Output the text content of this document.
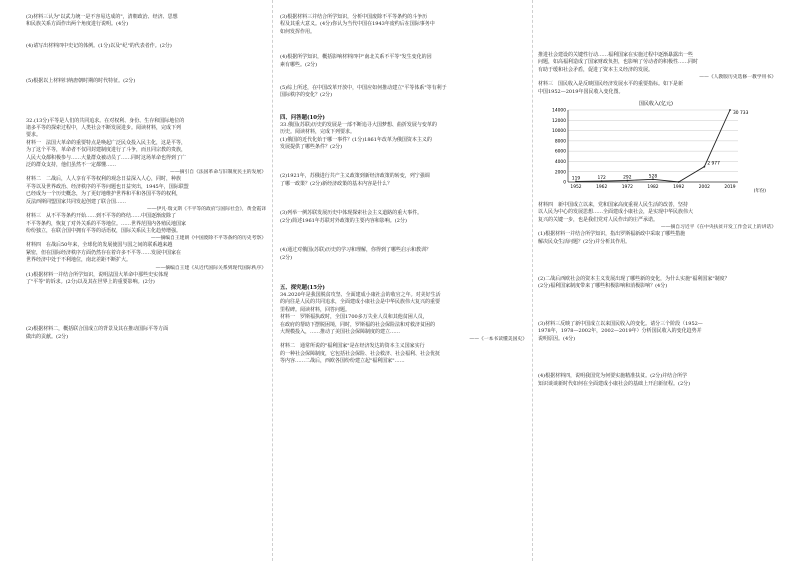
(3)材料三认为"以武力统一是不容易达成的"，清朝政治、经济、思想
和民族关系方面作出两个角度进行说明。(4分)

(4)请写出材料四中史记的体例。(1分)以及"纪"的代表者作。(2分)

(5)根据以上材料归纳唐朝时期的时代特征。(2分)

32.(13分)平等是人们的共同追求。在对权利、身份、生存和国际地位的
诸多平等的探索过程中，人类社会不断发展进步。阅读材料，完成下列
要求。

材料一　法国大革命的重要特点是唤起广泛民众投入民主化，这是平等，
为了这个平等，革命者不仅同封建制度进行了斗争，而且同宗教的贵族，
人民大众都积极参与……大量群众被动员了……同时这场革命也得到了广
泛的群众支持，他们虽然不一定都懂……

——摘引自《法国革命与旧制度民主的发展》

材料二　二战后，人人享有平等权利的观念日益深入人心，同时，种族
平等以及世界政治、经济秩序的平等问题也日益突出，1945年，国际联盟
已经成为一个历史概念，为了更好地维护世界和平和各国平等的权利，
反法西斯同盟国家共同发起创建了联合国……

——伊凡·瑞文斯《不平等的政府与国际社会》，黄金霞译

材料三　从不平等条约开始……到不平等的终结……中国逐渐废除了
不平等条约，恢复了对外关系的平等地位。……世界范围内各殖民地国家
纷纷独立，在联合国中拥有平等的话语权，国际关系民主化趋势增强。

——摘编自王建朗《中国废除不平等条约的历史考察》

材料四　在战后50年来，全球化的发展使国与国之间的联系越来越
紧密，但在国际经济秩序方面仍然存在着许多不平等……发展中国家在
世界经济中处于不利地位，南北差距不断扩大。

——摘编自王建《从近代国际关系到现代国际秩序》

(1)根据材料一并结合所学知识，说明法国大革命中那些史实体现
了"平等"的诉求。(2分)以及其在世界上的重要影响。(2分)

(2)根据材料二，概括联合国成立的背景及其在推动国际平等方面
做出的贡献。(2分)

(3)根据材料三并结合所学知识，分析中国废除不平等条约的斗争历
程及其重大意义。(4分)你认为当代中国在1943年废约后在国际事务中
如何发挥作用。

(4)根据所学知识，概括影响材料四中"南北关系不平等"发生变化的因
素有哪些。(2分)

(5)综上所述，在中国改革开放中，中国应如何推动建立"平等体系"等有利于
国际秩序的变化？(2分)

四、问答题(10分)

33.俄国(苏联)历史的发展是一部不断追寻大国梦想、曲折发展与变革的
历史。阅读材料，完成下列要求。

(1)俄国的近代化始于哪一事件？(1分)1861年改革为俄国资本主义的
发展提供了哪些条件？(2分)

(2)1921年，苏俄进行共产主义政策到新经济政策的转变，列宁强调
了哪一政策？(2分)新经济政策的基本内容是什么？

(3)列举一例苏联发展历史中体现探索社会主义道路的重大事件。
(2分)简述1961年苏联对外政策的主要内容和影响。(2分)

(4)通过对俄国(苏联)历史的学习和理解，你得到了哪些启示和教训？
(2分)

五、探究题(15分)

34.2020年是我国脱贫攻坚、全面建成小康社会的收官之年。对美好生活
的向往是人民的共同追求，全面建成小康社会是中华民族伟大复兴的重要
里程碑。阅读材料，回答问题。

材料一　罗斯福执政时，全国1700多万失业人员和其他贫困人员，
在政府的帮助下摆脱困境，同时，罗斯福的社会保险法和对救济贫困的
大规模投入，……推动了美国社会保障制度的建立……

——《一本书读懂美国史》

材料二　通常所说的"福利国家"是在经济发达的资本主义国家实行
的一种社会保障制度，它包括社会保险、社会救济、社会福利、社会优抚
等内容……二战后，西欧各国纷纷建立起"福利国家"……

推进社会建设的关键性行动……福利国家在实施过程中逐渐暴露出一些
问题，如高福利造成了国家财政负担，也影响了劳动者的积极性……同时
有助于缓和社会矛盾，促进了资本主义经济的发展。

——《人教版历史选修一教学用书》

材料三　国民收入是反映国民经济发展水平的重要指标。如下是新
中国1952—2019年国民收入变化图。

国民收入(亿元)
0
2000
4000
6000
8000
10000
12000
14000
1952	1962	1972	1982	1992	2002	2019
119	172	292	528
2 977
30 733
(年份)

材料四　新中国成立以来，党和国家高度重视人民生活的改善，坚持
以人民为中心的发展思想……全面建成小康社会，是实现中华民族伟大
复兴的关键一步，也是我们党对人民作出的庄严承诺。

——摘自习近平《在中央扶贫开发工作会议上的讲话》

(1)根据材料一并结合所学知识，指出罗斯福新政中采取了哪些措施
解决民众生活问题？(2分)并分析其作用。

(2)二战后西欧社会的资本主义发展出现了哪些新的变化，为什么实施"福利国家"制度？
(2分)福利国家制度带来了哪些积极影响和消极影响？(4分)

(3)材料三反映了新中国成立以来国民收入的变化。请分三个阶段（1952—
1978年，1978—2002年，2002—2019年）分析国民收入的变化趋势并
说明原因。(4分)

(4)根据材料四，说明我国党为何要实施精准扶贫。(2分)并结合所学
知识谈谈新时代如何在全面建成小康社会的基础上开启新征程。(2分)
